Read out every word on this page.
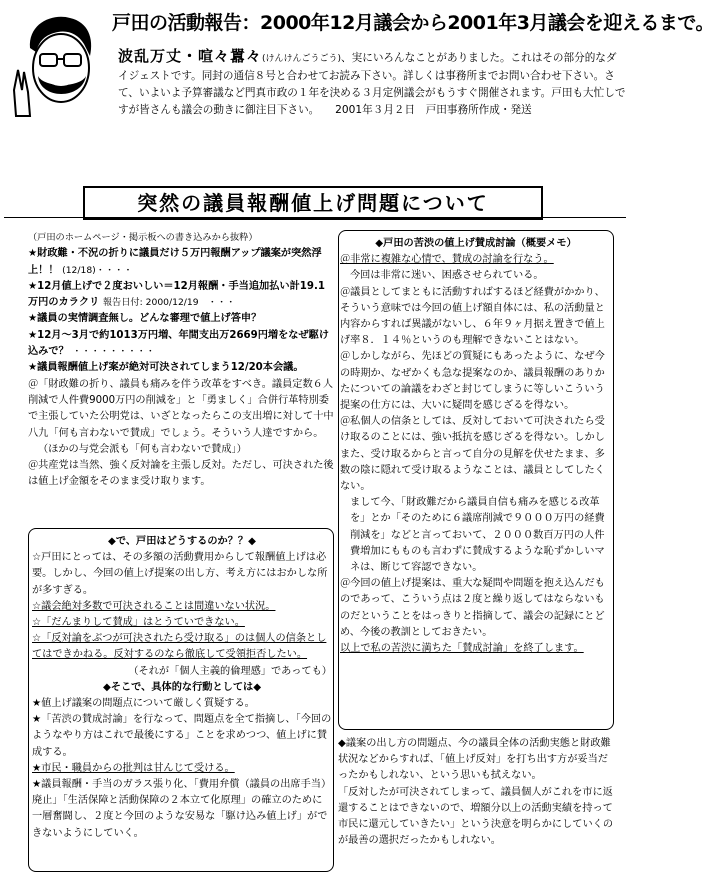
戸田の活動報告：2000年12月議会から2001年3月議会を迎えるまで。
波乱万丈・喧々囂々(けんけんごうごう)、実にいろんなことがありました。これはその部分的なダイジェストです。同封の通信８号と合わせてお読み下さい。詳しくは事務所までお問い合わせ下さい。さて、いよいよ予算審議など門真市政の１年を決める３月定例議会がもうすぐ開催されます。戸田も大忙しですが皆さんも議会の動きに御注目下さい。　　 2001年３月２日　戸田事務所作成・発送
突然の議員報酬値上げ問題について

（戸田のホームページ・掲示板への書き込みから抜粋）

★財政難・不況の折りに議員だけ５万円報酬アップ議案が突然浮上！！ (12/18)・・・・

★12月値上げで２度おいしい＝12月報酬・手当追加払い計19.1万円のカラクリ 報告日付: 2000/12/19　・・・

★議員の実情調査無し。どんな審理で値上げ答申？

★12月～3月で約1013万円増、年間支出万2669円増をなぜ駆け込みで？ ・・・・・・・・・

★議員報酬値上げ案が絶対可決されてしまう12/20本会議。

＠「財政難の折り、議員も痛みを伴う改革をすべき。議員定数６人削減で人件費9000万円の削減を」と「勇ましく」合併行革特別委で主張していた公明党は、いざとなったらこの支出増に対して十中八九「何も言わないで賛成」でしょう。そういう人達ですから。

（ほかの与党会派も「何も言わないで賛成」）

＠共産党は当然、強く反対論を主張し反対。ただし、可決された後は値上げ金額をそのまま受け取ります。

◆で、戸田はどうするのか？？◆

☆戸田にとっては、その多額の活動費用からして報酬値上げは必要。しかし、今回の値上げ提案の出し方、考え方にはおかしな所が多すぎる。

☆議会絶対多数で可決されることは間違いない状況。

☆「だんまりして賛成」はとうていできない。

☆「反対論をぶつが可決されたら受け取る」のは個人の信条としてはできかねる。反対するのなら徹底して受領拒否したい。

（それが「個人主義的倫理感」であっても）

◆そこで、具体的な行動としては◆

★値上げ議案の問題点について厳しく質疑する。

★「苦渋の賛成討論」を行なって、問題点を全て指摘し、「今回のようなやり方はこれで最後にする」ことを求めつつ、値上げに賛成する。

★市民・職員からの批判は甘んじて受ける。

★議員報酬・手当のガラス張り化、「費用弁償（議員の出席手当）廃止」「生活保障と活動保障の２本立て化原理」の確立のために一層奮闘し、２度と今回のような安易な「駆け込み値上げ」ができないようにしていく。

◆戸田の苦渋の値上げ賛成討論（概要メモ）

＠非常に複雑な心情で、賛成の討論を行なう。

今回は非常に迷い、困惑させられている。

＠議員としてまともに活動すればするほど経費がかかり、そういう意味では今回の値上げ額自体には、私の活動量と内容からすれば異議がないし、６年９ヶ月据え置きで値上げ率８．１４％というのも理解できないことはない。

＠しかしながら、先ほどの質疑にもあったように、なぜ今の時期か、なぜかくも急な提案なのか、議員報酬のありかたについての論議をわざと封じてしまうに等しいこういう提案の仕方には、大いに疑問を感じざるを得ない。

＠私個人の信条としては、反対しておいて可決されたら受け取るのことには、強い抵抗を感じざるを得ない。しかしまた、受け取るからと言って自分の見解を伏せたまま、多数の陰に隠れて受け取るようなことは、議員としてしたくない。

まして今、「財政難だから議員自信も痛みを感じる改革を」とか「そのために６議席削減で９０００万円の経費削減を」などと言っておいて、２０００数百万円の人件費増加にもものも言わずに賛成するような恥ずかしいマネは、断じて容認できない。

＠今回の値上げ提案は、重大な疑問や問題を抱え込んだものであって、こういう点は２度と繰り返してはならないものだということをはっきりと指摘して、議会の記録にとどめ、今後の教訓としておきたい。

以上で私の苦渋に満ちた「賛成討論」を終了します。

◆議案の出し方の問題点、今の議員全体の活動実態と財政難状況などからすれば、「値上げ反対」を打ち出す方が妥当だったかもしれない、という思いも拭えない。

「反対したが可決されてしまって、議員個人がこれを市に返還することはできないので、増額分以上の活動実績を持って市民に還元していきたい」という決意を明らかにしていくのが最善の選択だったかもしれない。
